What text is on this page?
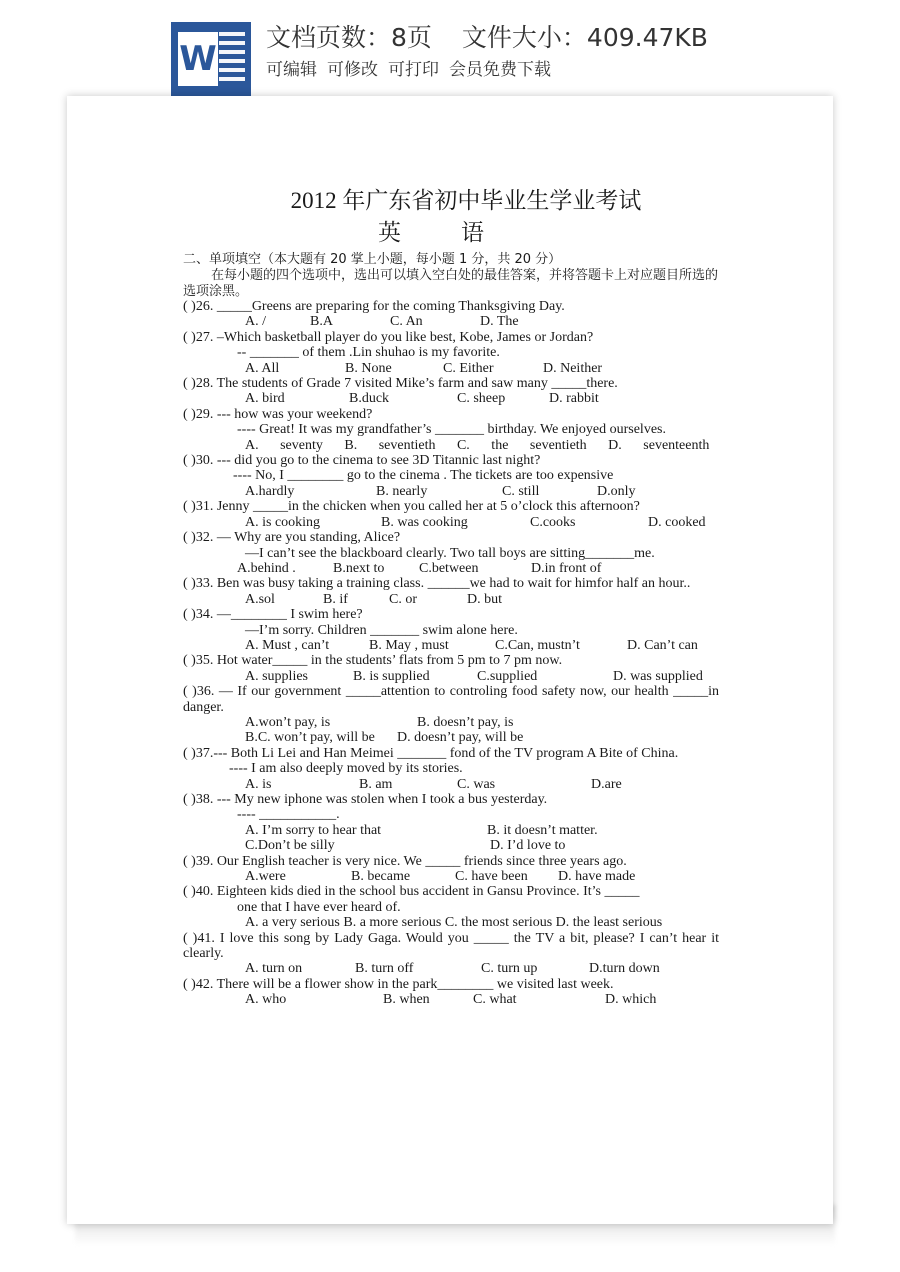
W
文档页数：8页 文件大小：409.47KB
可编辑 可修改 可打印 会员免费下载
2012 年广东省初中毕业生学业考试
英语
二、单项填空（本大题有 20 掌上小题，每小题 1 分，共 20 分）
在每小题的四个选项中，选出可以填入空白处的最佳答案，并将答题卡上对应题目所选的选项涂黑。
( )26. _____Greens are preparing for the coming Thanksgiving Day.
A. /	B.A	C. An	D. The
( )27. –Which basketball player do you like best, Kobe, James or Jordan?
-- _______ of them .Lin shuhao is my favorite.
A. All	B. None	C. Either	D. Neither
( )28. The students of Grade 7 visited Mike’s farm and saw many _____there.
A. bird	B.duck	C. sheep	D. rabbit
( )29. --- how was your weekend?
---- Great! It was my grandfather’s _______ birthday. We enjoyed ourselves.
A. seventy B. seventieth C. the seventieth D. seventeenth
( )30. --- did you go to the cinema to see 3D Titannic last night?
---- No, I ________ go to the cinema . The tickets are too expensive
A.hardly	B. nearly	C. still	D.only
( )31. Jenny _____in the chicken when you called her at 5 o’clock this afternoon?
A. is cooking	B. was cooking	C.cooks	D. cooked
( )32. — Why are you standing, Alice?
—I can’t see the blackboard clearly. Two tall boys are sitting_______me.
A.behind .	B.next to	C.between	D.in front of
( )33. Ben was busy taking a training class. ______we had to wait for himfor half an hour..
A.sol	B. if	C. or	D. but
( )34. —________ I swim here?
—I’m sorry. Children _______ swim alone here.
A. Must , can’t	B. May , must	C.Can, mustn’t	D. Can’t can
( )35. Hot water_____ in the students’ flats from 5 pm to 7 pm now.
A. supplies	B. is supplied	C.supplied	D. was supplied
( )36. — If our government _____attention to controling food safety now, our health _____in danger.
A.won’t pay, is	B. doesn’t pay, is
B.C. won’t pay, will be	D. doesn’t pay, will be
( )37.--- Both Li Lei and Han Meimei _______ fond of the TV program A Bite of China.
---- I am also deeply moved by its stories.
A. is	B. am	C. was	D.are
( )38. --- My new iphone was stolen when I took a bus yesterday.
---- ___________.
A. I’m sorry to hear that	B. it doesn’t matter.
C.Don’t be silly	D. I’d love to
( )39. Our English teacher is very nice. We _____ friends since three years ago.
A.were	B. became	C. have been	D. have made
( )40. Eighteen kids died in the school bus accident in Gansu Province. It’s _____
one that I have ever heard of.
A. a very serious B. a more serious C. the most serious D. the least serious
( )41. I love this song by Lady Gaga. Would you _____ the TV a bit, please? I can’t hear it clearly.
A. turn on	B. turn off	C. turn up	D.turn down
( )42. There will be a flower show in the park________ we visited last week.
A. who	B. when	C. what	D. which
